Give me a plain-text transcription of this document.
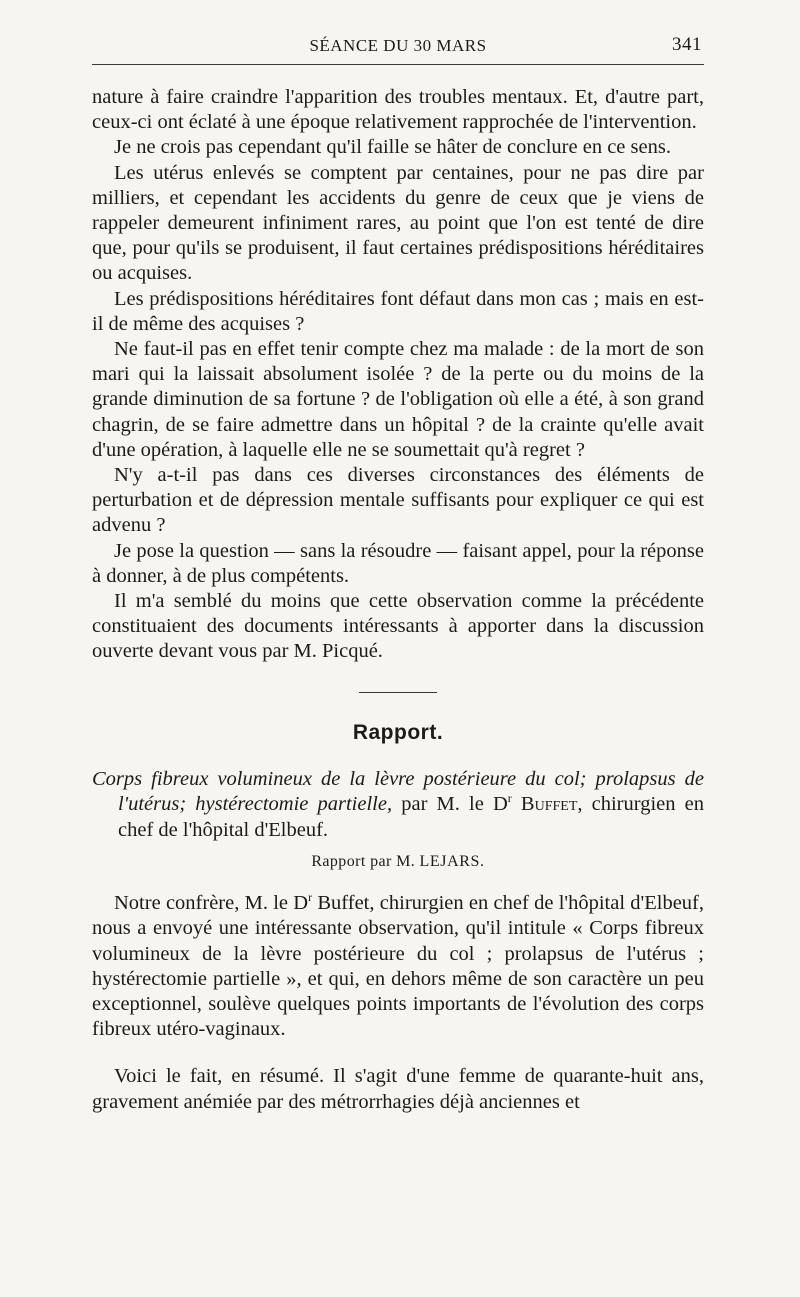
SÉANCE DU 30 MARS	341

nature à faire craindre l'apparition des troubles mentaux. Et, d'autre part, ceux-ci ont éclaté à une époque relativement rapprochée de l'intervention.

Je ne crois pas cependant qu'il faille se hâter de conclure en ce sens.

Les utérus enlevés se comptent par centaines, pour ne pas dire par milliers, et cependant les accidents du genre de ceux que je viens de rappeler demeurent infiniment rares, au point que l'on est tenté de dire que, pour qu'ils se produisent, il faut certaines prédispositions héréditaires ou acquises.

Les prédispositions héréditaires font défaut dans mon cas ; mais en est-il de même des acquises ?

Ne faut-il pas en effet tenir compte chez ma malade : de la mort de son mari qui la laissait absolument isolée ? de la perte ou du moins de la grande diminution de sa fortune ? de l'obligation où elle a été, à son grand chagrin, de se faire admettre dans un hôpital ? de la crainte qu'elle avait d'une opération, à laquelle elle ne se soumettait qu'à regret ?

N'y a-t-il pas dans ces diverses circonstances des éléments de perturbation et de dépression mentale suffisants pour expliquer ce qui est advenu ?

Je pose la question — sans la résoudre — faisant appel, pour la réponse à donner, à de plus compétents.

Il m'a semblé du moins que cette observation comme la précédente constituaient des documents intéressants à apporter dans la discussion ouverte devant vous par M. Picqué.

Rapport.
Corps fibreux volumineux de la lèvre postérieure du col; prolapsus de l'utérus; hystérectomie partielle, par M. le $D^r$ Buffet, chirurgien en chef de l'hôpital d'Elbeuf.
Rapport par M. LEJARS.

Notre confrère, M. le $D^r$ Buffet, chirurgien en chef de l'hôpital d'Elbeuf, nous a envoyé une intéressante observation, qu'il intitule « Corps fibreux volumineux de la lèvre postérieure du col ; prolapsus de l'utérus ; hystérectomie partielle », et qui, en dehors même de son caractère un peu exceptionnel, soulève quelques points importants de l'évolution des corps fibreux utéro-vaginaux.

Voici le fait, en résumé. Il s'agit d'une femme de quarante-huit ans, gravement anémiée par des métrorrhagies déjà anciennes et
